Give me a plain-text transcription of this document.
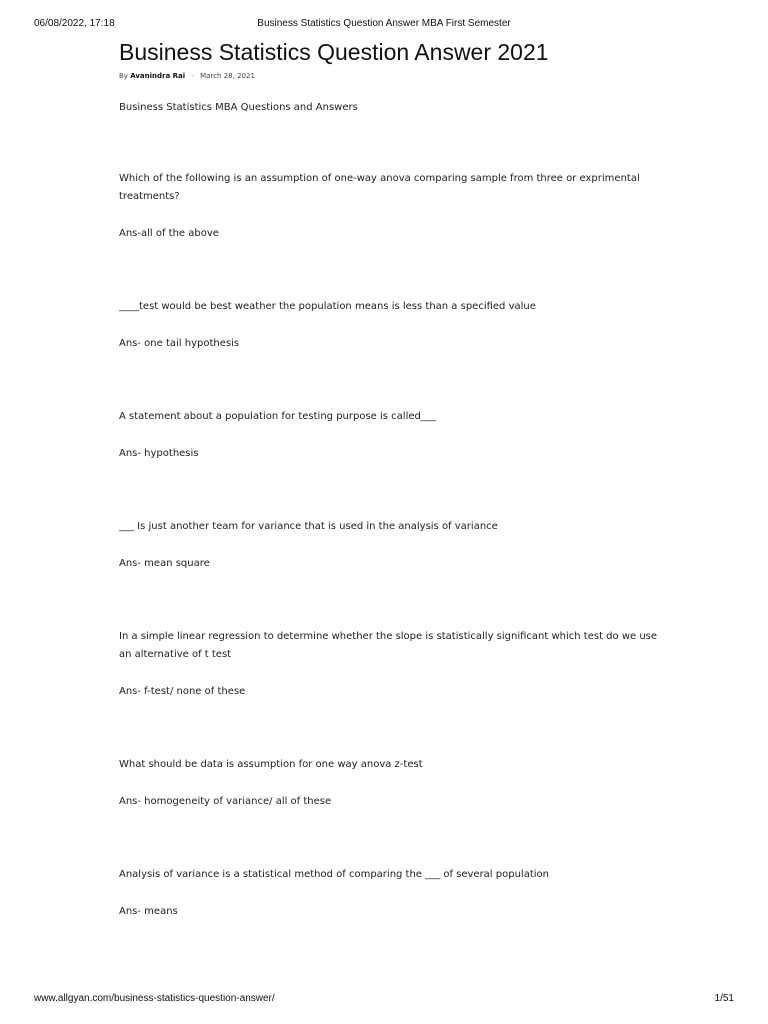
06/08/2022, 17:18	Business Statistics Question Answer MBA First Semester
Business Statistics Question Answer 2021
By Avanindra Rai - March 28, 2021

Business Statistics MBA Questions and Answers

Which of the following is an assumption of one-way anova comparing sample from three or exprimental treatments?

Ans-all of the above

____test would be best weather the population means is less than a specified value

Ans- one tail hypothesis

A statement about a population for testing purpose is called___

Ans- hypothesis

___ Is just another team for variance that is used in the analysis of variance

Ans- mean square

In a simple linear regression to determine whether the slope is statistically significant which test do we use an alternative of t test

Ans- f-test/ none of these

What should be data is assumption for one way anova z-test

Ans- homogeneity of variance/ all of these

Analysis of variance is a statistical method of comparing the ___ of several population

Ans- means

www.allgyan.com/business-statistics-question-answer/	1/51
